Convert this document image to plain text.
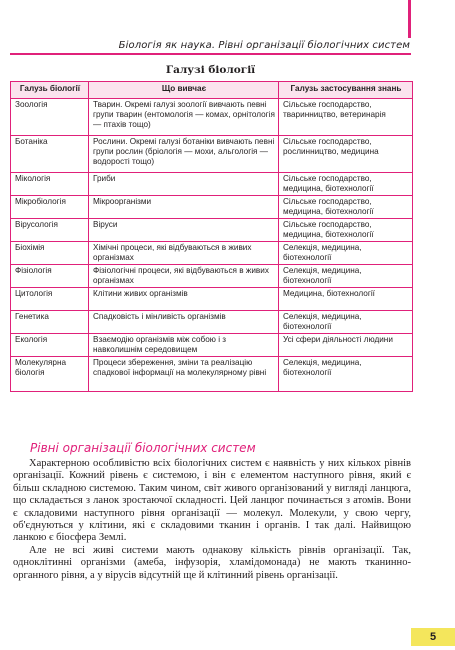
Біологія як наука. Рівні організації біологічних систем
Галузі біології
Галузь біології	Що вивчає	Галузь застосування знань
Зоологія	Тварин. Окремі галузі зоології вивчають певні групи тварин (ентомологія — комах, орнітологія — птахів тощо)	Сільське господарство, тваринництво, ветеринарія
Ботаніка	Рослини. Окремі галузі ботаніки вивчають певні групи рослин (бріологія — мохи, альгологія — водорості тощо)	Сільське господарство, рослинництво, медицина
Мікологія	Гриби	Сільське господарство, медицина, біотехнології
Мікробіологія	Мікроорганізми	Сільське господарство, медицина, біотехнології
Вірусологія	Віруси	Сільське господарство, медицина, біотехнології
Біохімія	Хімічні процеси, які відбуваються в живих організмах	Селекція, медицина, біотехнології
Фізіологія	Фізіологічні процеси, які відбуваються в живих організмах	Селекція, медицина, біотехнології
Цитологія	Клітини живих організмів	Медицина, біотехнології
Генетика	Спадковість і мінливість організмів	Селекція, медицина, біотехнології
Екологія	Взаємодію організмів між собою і з навколишнім середовищем	Усі сфери діяльності людини
Молекулярна біологія	Процеси збереження, зміни та реалізацію спадкової інформації на молекулярному рівні	Селекція, медицина, біотехнології
Рівні організації біологічних систем

Характерною особливістю всіх біологічних систем є наявність у них кількох рівнів організації. Кожний рівень є системою, і він є елементом наступного рівня, який є більш складною системою. Таким чином, світ живого організований у вигляді ланцюга, що складається з ланок зростаючої складності. Цей ланцюг починається з атомів. Вони є складовими наступного рівня організації — молекул. Молекули, у свою чергу, об'єднуються у клітини, які є складовими тканин і органів. І так далі. Найвищою ланкою є біосфера Землі.

Але не всі живі системи мають однакову кількість рівнів організації. Так, одноклітинні організми (амеба, інфузорія, хламідомонада) не мають тканинно-органного рівня, а у вірусів відсутній ще й клітинний рівень організації.

5
